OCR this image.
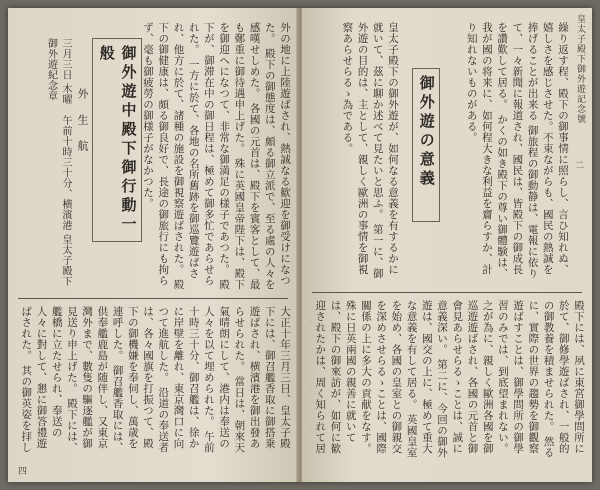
四
外の地に上陸遊ばされ、熱誠なる歓迎を御受けになつた。 殿下の御態度は、頗る御立派で、至る處の人々を感嘆せしめた。 各國の元首は、殿下を賓客として、最も鄭重に御待遇申上げた。 殊に英國皇帝陛下は、殿下を御迎へになつて、非常な御満足の様子であつた。 殿下が、御滞在中の御日程は、極めて御多忙であらせられた。 一方に於て、各地の名所舊跡を御巡覽遊ばされ、他方に於て、諸種の施設を御視察遊ばされた。 殿下の御健康は、頗る御良好で、長途の御旅行にも拘らず、毫も御疲勞の御様子がなかつた。
御外遊中殿下御行動一般
外　生　航
三月三日 木曜　午前十時三十分、横濱港 皇太子殿下御外遊紀念章
大正十年三月三日、皇太子殿下には、御召艦香取に御搭乗遊ばされ、横濱港を御出發あらせられた。 當日は、朝來天氣晴朗にして、港内は奉送の人々を以て埋められた。 午前十時三十分、御召艦は、徐かに岸壁を離れ、東京灣口に向つて進航した。 沿道の奉送者は、各々國旗を打振つて、殿下の御機嫌を奉伺し、萬歳を連呼した。 御召艦香取には、供奉艦鹿島が随伴し、又東京灣外まで、數隻の驅逐艦が御見送り申上げた。 殿下には、艦橋に立たせられ、奉送の人々に對して、懇に御答禮遊ばされた。 其の御英姿を拝し
皇太子殿下御外遊記念號
二
繰り返す程、殿下の御事情に照らし、言ひ知れぬ、嬉しさを感じさせた。不束ながらも、國民の熱誠を捧げることが出来る 御旅程の御動静は、電報に依りて、一々新聞に報道され、國民は、皆殿下の御成長を讚歎して居る。 かくの如き殿下の尊い御體験は、我が國の将来に、如何程大きな利益を齎らすか、計り知れないものがある。
御外遊の意義
皇太子殿下の御外遊が、如何なる意義を有するかに就いて、茲に聊か述べて見たいと思ふ。 第一に、御外遊の目的は、主として、親しく歐洲の事情を御視察あらせらるゝ為である。
殿下には、夙に東宮御學問所に於て、御修學遊ばされ、一般的の御教養を積ませられた。 然るに、實際の世界の趨勢を御觀察遊ばすことは、御學問所の御學習のみでは、到底望まれない。 之が為に、親しく歐洲各國を御巡遊遊ばされ、各國の元首と御會見あらせらるゝことは、誠に意義深い。 第二に、今回の御外遊は、國交の上に、極めて重大な意義を有して居る。 英國皇室を始め、各國の皇室との御親交を深めさせらるゝことは、國際關係の上に多大の貢献をなす。 殊に日英兩國の親善に就いては、殿下の御來訪が、如何に歓迎されたかは、周く知られて居
